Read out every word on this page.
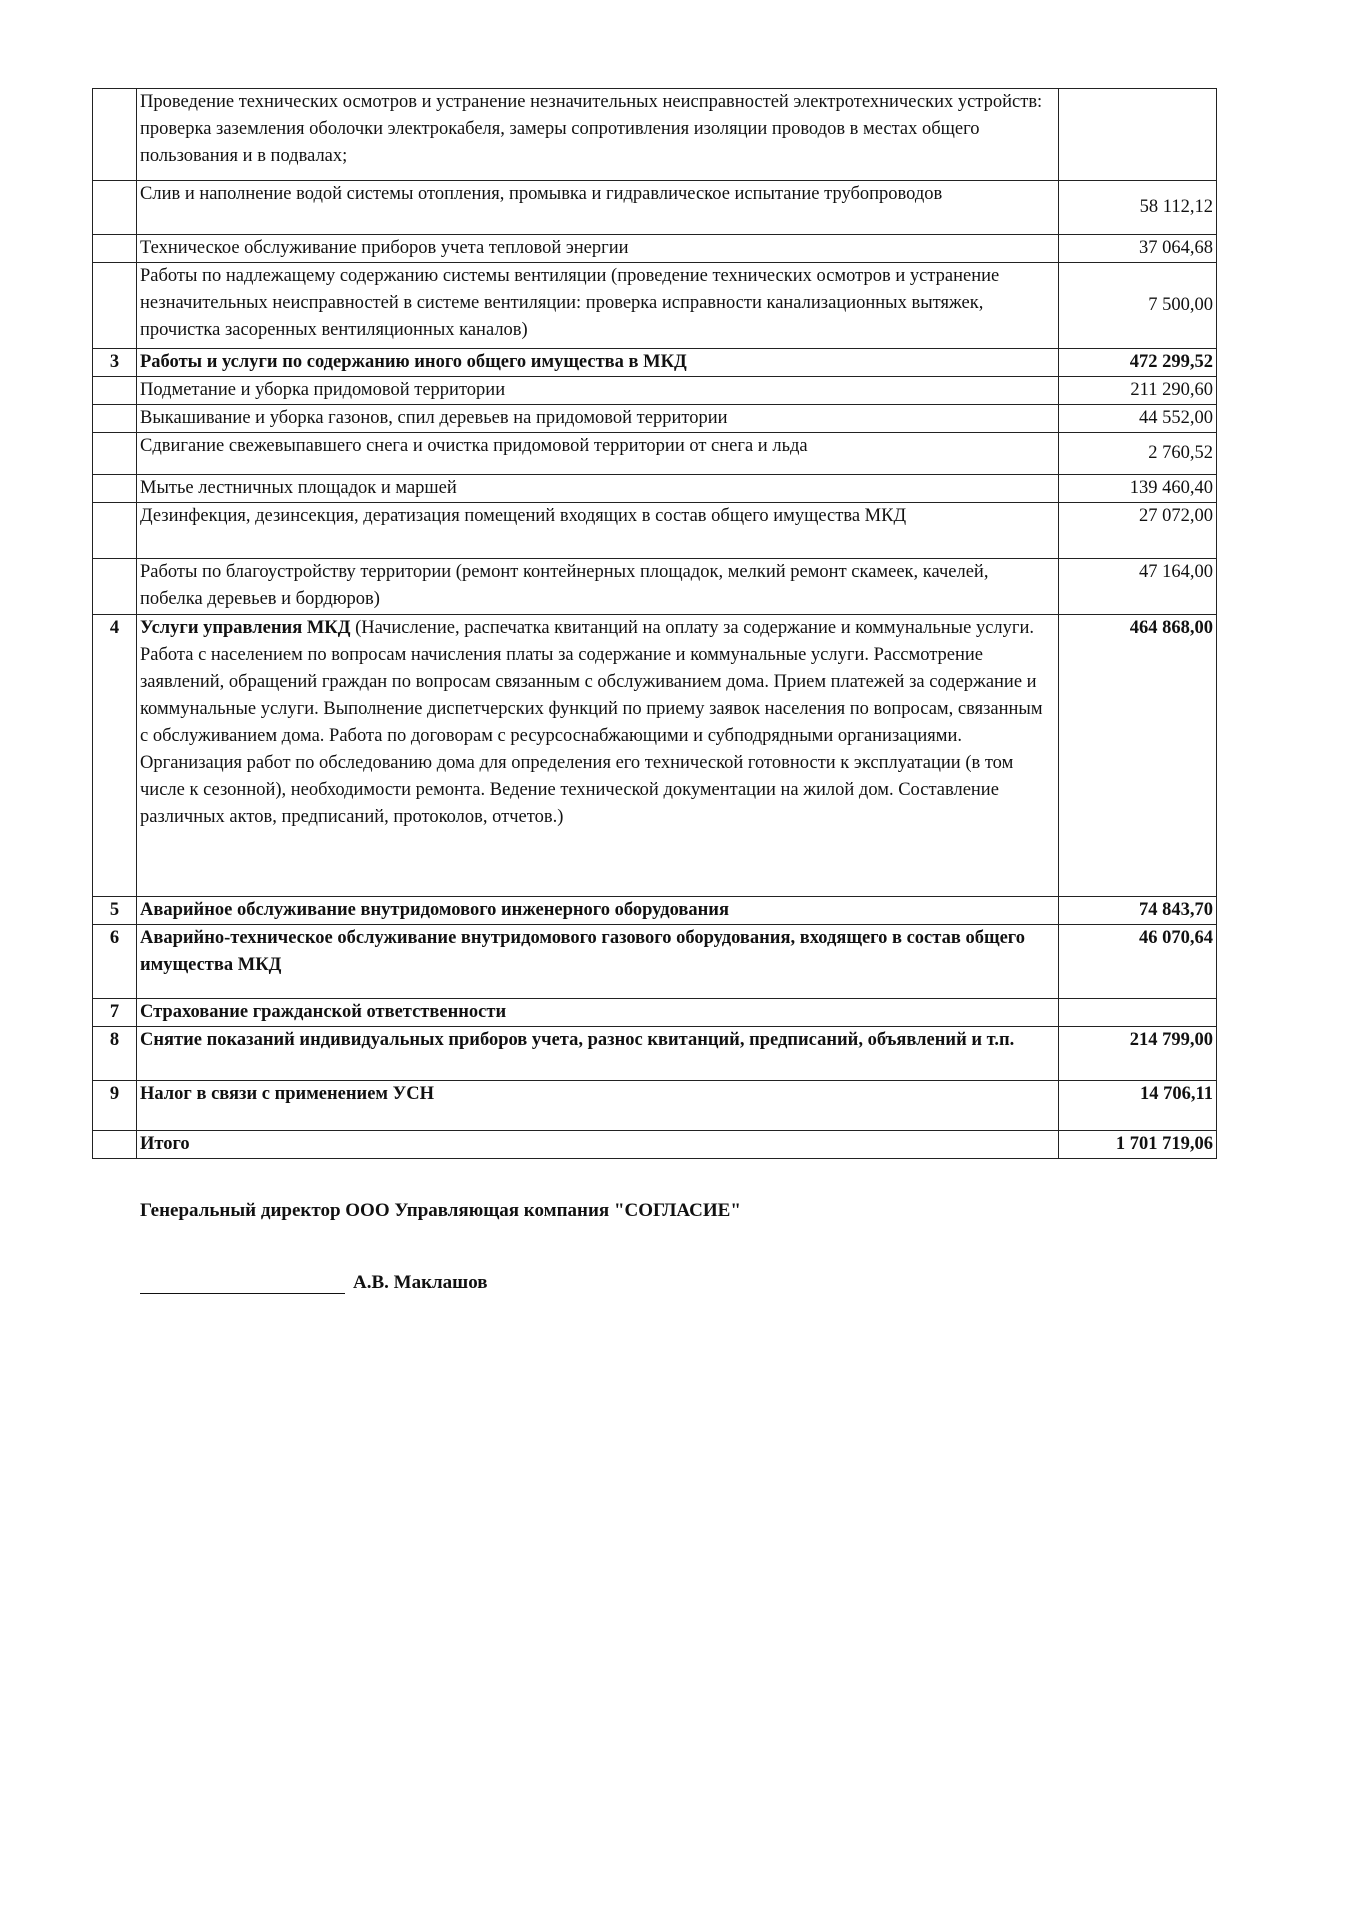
	Проведение технических осмотров и устранение незначительных неисправностей электротехнических устройств: проверка заземления оболочки электрокабеля, замеры сопротивления изоляции проводов в местах общего пользования и в подвалах;	
	Слив и наполнение водой системы отопления, промывка и гидравлическое испытание трубопроводов	58 112,12
	Техническое обслуживание приборов учета тепловой энергии	37 064,68
	Работы по надлежащему содержанию системы вентиляции (проведение технических осмотров и устранение незначительных неисправностей в системе вентиляции: проверка исправности канализационных вытяжек, прочистка засоренных вентиляционных каналов)	7 500,00
3	Работы и услуги по содержанию иного общего имущества в МКД	472 299,52
	Подметание и уборка придомовой территории	211 290,60
	Выкашивание и уборка газонов, спил деревьев на придомовой территории	44 552,00
	Сдвигание свежевыпавшего снега и очистка придомовой территории от снега и льда	2 760,52
	Мытье лестничных площадок и маршей	139 460,40
	Дезинфекция, дезинсекция, дератизация помещений входящих в состав общего имущества МКД	27 072,00
	Работы по благоустройству территории (ремонт контейнерных площадок, мелкий ремонт скамеек, качелей, побелка деревьев и бордюров)	47 164,00
4	Услуги управления МКД (Начисление, распечатка квитанций на оплату за содержание и коммунальные услуги. Работа с населением по вопросам начисления платы за содержание и коммунальные услуги. Рассмотрение заявлений, обращений граждан по вопросам связанным с обслуживанием дома. Прием платежей за содержание и коммунальные услуги. Выполнение диспетчерских функций по приему заявок населения по вопросам, связанным с обслуживанием дома. Работа по договорам с ресурсоснабжающими и субподрядными организациями. Организация работ по обследованию дома для определения его технической готовности к эксплуатации (в том числе к сезонной), необходимости ремонта. Ведение технической документации на жилой дом. Составление различных актов, предписаний, протоколов, отчетов.)	464 868,00
5	Аварийное обслуживание внутридомового инженерного оборудования	74 843,70
6	Аварийно-техническое обслуживание внутридомового газового оборудования, входящего в состав общего имущества МКД	46 070,64
7	Страхование гражданской ответственности	
8	Снятие показаний индивидуальных приборов учета, разнос квитанций, предписаний, объявлений и т.п.	214 799,00
9	Налог в связи с применением УСН	14 706,11
	Итого	1 701 719,06
Генеральный директор ООО Управляющая компания "СОГЛАСИЕ"
А.В. Маклашов
